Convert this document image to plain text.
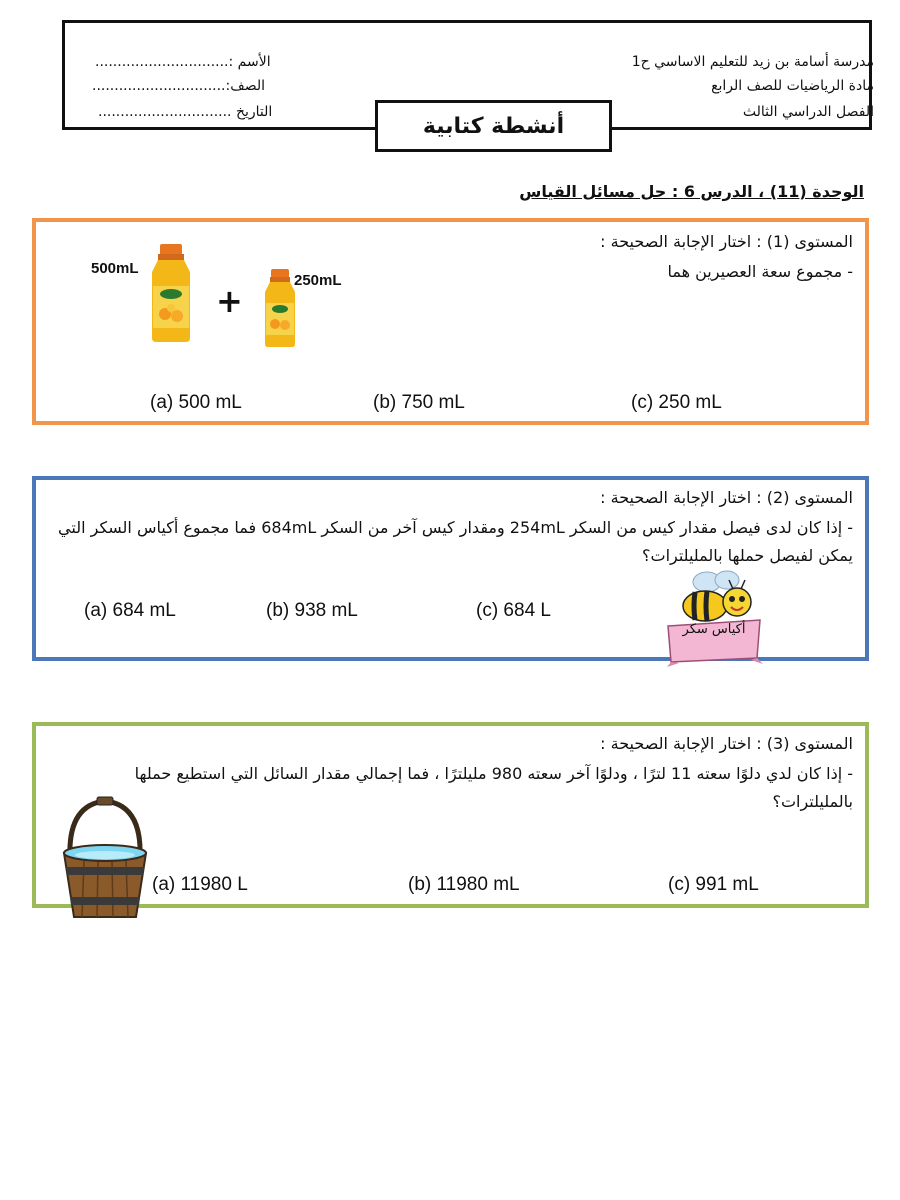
مدرسة أسامة بن زيد للتعليم الاساسي ح1
مادة الرياضيات للصف الرابع
الفصل الدراسي الثالث
الأسم :..............................
الصف:..............................
التاريخ ..............................
أنشطة كتابية
الوحدة (11) ، الدرس 6 : حل مسائل القياس
المستوى (1) : اختار الإجابة الصحيحة :
- مجموع سعة العصيرين هما
500mL
+
250mL
(a) 500 mL	(b) 750 mL	(c) 250 mL
المستوى (2) : اختار الإجابة الصحيحة :
- إذا كان لدى فيصل مقدار كيس من السكر 254mL ومقدار كيس آخر من السكر 684mL فما مجموع أكياس السكر التي يمكن لفيصل حملها بالمليلترات؟
(a) 684 mL	(b) 938 mL	(c) 684 L
أكياس سكر
المستوى (3) : اختار الإجابة الصحيحة :
- إذا كان لدي دلوًا سعته 11 لترًا ، ودلوًا آخر سعته 980 مليلترًا ، فما إجمالي مقدار السائل التي استطيع حملها بالمليلترات؟
(a) 11980 L	(b) 11980 mL	(c) 991 mL
